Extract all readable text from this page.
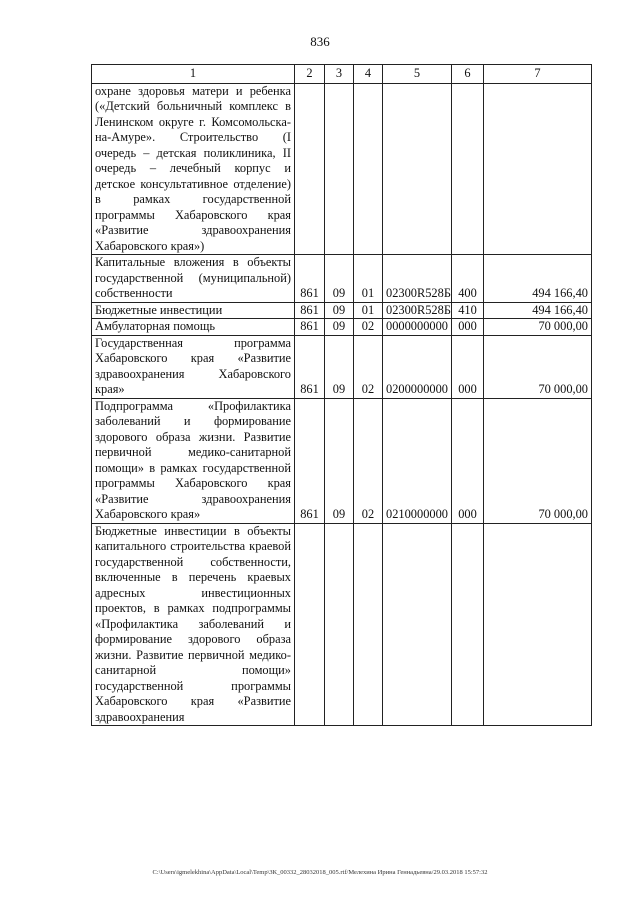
836
1	2	3	4	5	6	7
охране здоровья матери и ребенка («Детский больничный комплекс в Ленинском округе г. Комсомольска-на-Амуре». Строительство (I очередь – детская поликлиника, II очередь – лечебный корпус и детское консультативное отделение) в рамках государственной программы Хабаровского края «Развитие здравоохранения Хабаровского края»)						
Капитальные вложения в объекты государственной (муниципальной) собственности	861	09	01	02300R528Б	400	494 166,40
Бюджетные инвестиции	861	09	01	02300R528Б	410	494 166,40
Амбулаторная помощь	861	09	02	0000000000	000	70 000,00
Государственная программа Хабаровского края «Развитие здравоохранения Хабаровского края»	861	09	02	0200000000	000	70 000,00
Подпрограмма «Профилактика заболеваний и формирование здорового образа жизни. Развитие первичной медико-санитарной помощи» в рамках государственной программы Хабаровского края «Развитие здравоохранения Хабаровского края»	861	09	02	0210000000	000	70 000,00
Бюджетные инвестиции в объекты капитального строительства краевой государственной собственности, включенные в перечень краевых адресных инвестиционных проектов, в рамках подпрограммы «Профилактика заболеваний и формирование здорового образа жизни. Развитие первичной медико-санитарной помощи» государственной программы Хабаровского края «Развитие здравоохранения						
C:\Users\igmelekhina\AppData\Local\Temp\ЗК_00332_28032018_005.rtf/Мелехина Ирина Геннадьевна/29.03.2018 15:57:32
